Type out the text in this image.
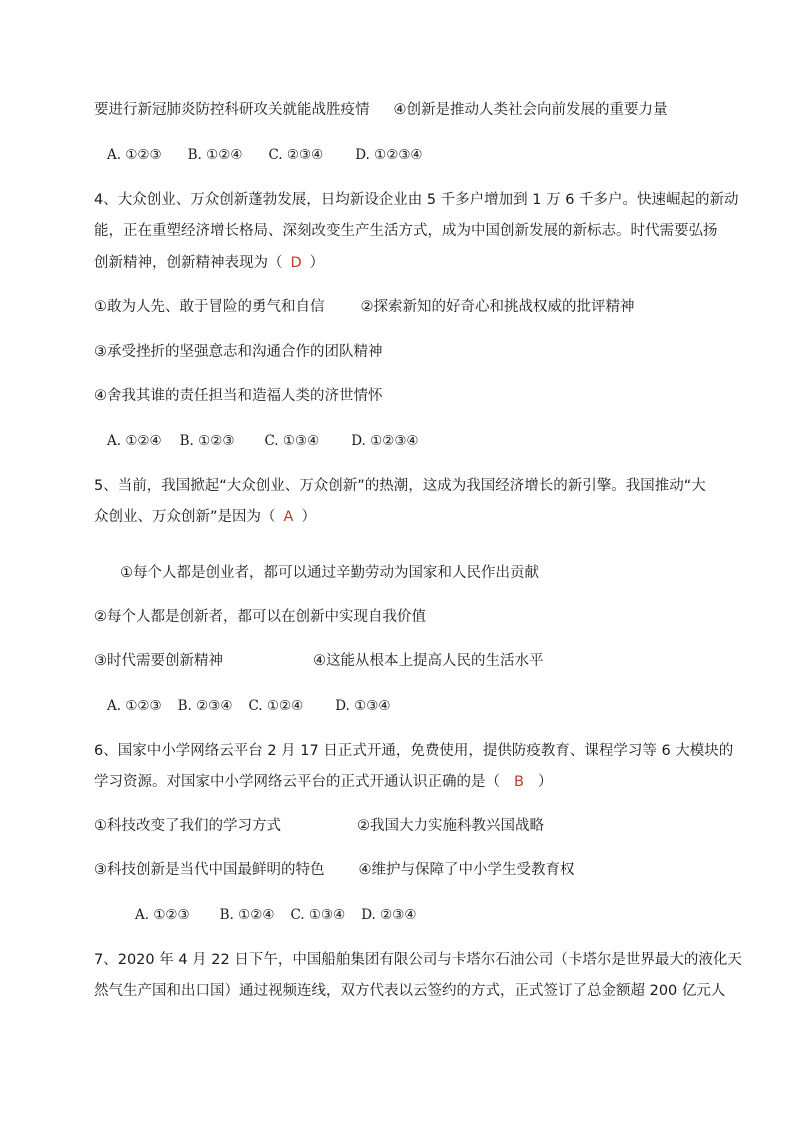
要进行新冠肺炎防控科研攻关就能战胜疫情 ④创新是推动人类社会向前发展的重要力量
A. ①②③ B. ①②④ C. ②③④ D. ①②③④
4、大众创业、万众创新蓬勃发展，日均新设企业由 5 千多户增加到 1 万 6 千多户。快速崛起的新动
能，正在重塑经济增长格局、深刻改变生产生活方式，成为中国创新发展的新标志。时代需要弘扬
创新精神，创新精神表现为（ D ）
①敢为人先、敢于冒险的勇气和自信 ②探索新知的好奇心和挑战权威的批评精神
③承受挫折的坚强意志和沟通合作的团队精神
④舍我其谁的责任担当和造福人类的济世情怀
A. ①②④ B. ①②③ C. ①③④ D. ①②③④
5、当前，我国掀起“大众创业、万众创新”的热潮，这成为我国经济增长的新引擎。我国推动“大
众创业、万众创新”是因为（ A ）
①每个人都是创业者，都可以通过辛勤劳动为国家和人民作出贡献
②每个人都是创新者，都可以在创新中实现自我价值
③时代需要创新精神	④这能从根本上提高人民的生活水平
A. ①②③ B. ②③④ C. ①②④ D. ①③④
6、国家中小学网络云平台 2 月 17 日正式开通，免费使用，提供防疫教育、课程学习等 6 大模块的
学习资源。对国家中小学网络云平台的正式开通认识正确的是（ B ）
①科技改变了我们的学习方式	②我国大力实施科教兴国战略
③科技创新是当代中国最鲜明的特色 ④维护与保障了中小学生受教育权
A. ①②③ B. ①②④ C. ①③④ D. ②③④
7、2020 年 4 月 22 日下午，中国船舶集团有限公司与卡塔尔石油公司（卡塔尔是世界最大的液化天
然气生产国和出口国）通过视频连线，双方代表以云签约的方式，正式签订了总金额超 200 亿元人
